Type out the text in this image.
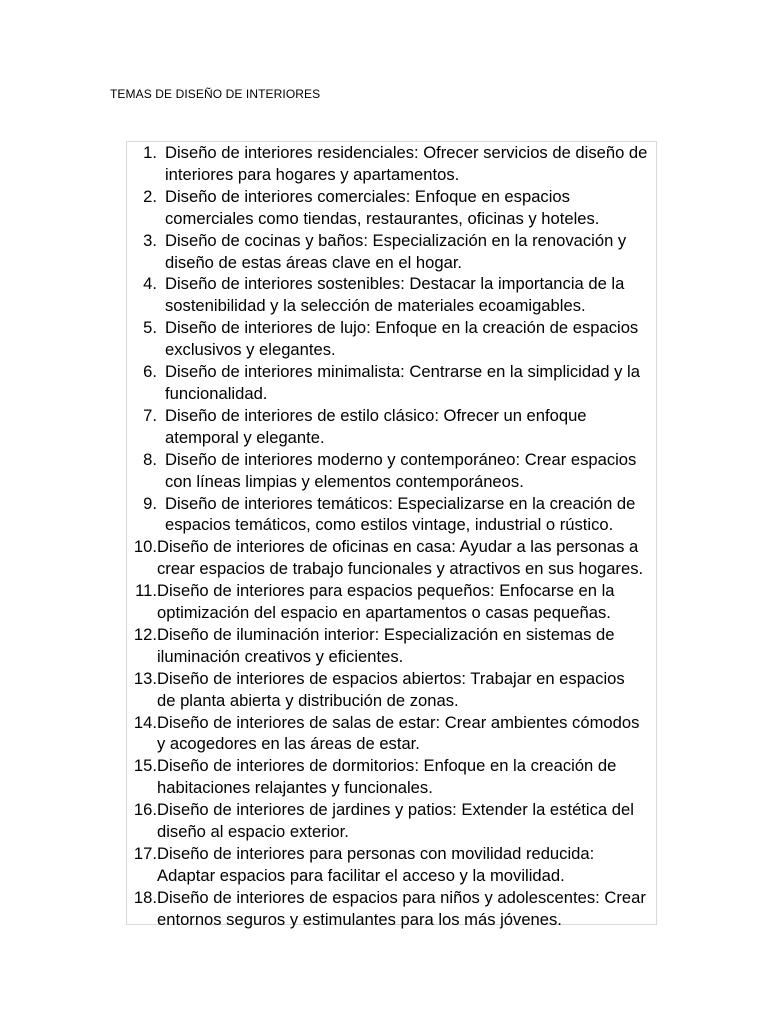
TEMAS DE DISEÑO DE INTERIORES
1. Diseño de interiores residenciales: Ofrecer servicios de diseño de
interiores para hogares y apartamentos.
2. Diseño de interiores comerciales: Enfoque en espacios
comerciales como tiendas, restaurantes, oficinas y hoteles.
3. Diseño de cocinas y baños: Especialización en la renovación y
diseño de estas áreas clave en el hogar.
4. Diseño de interiores sostenibles: Destacar la importancia de la
sostenibilidad y la selección de materiales ecoamigables.
5. Diseño de interiores de lujo: Enfoque en la creación de espacios
exclusivos y elegantes.
6. Diseño de interiores minimalista: Centrarse en la simplicidad y la
funcionalidad.
7. Diseño de interiores de estilo clásico: Ofrecer un enfoque
atemporal y elegante.
8. Diseño de interiores moderno y contemporáneo: Crear espacios
con líneas limpias y elementos contemporáneos.
9. Diseño de interiores temáticos: Especializarse en la creación de
espacios temáticos, como estilos vintage, industrial o rústico.
10. Diseño de interiores de oficinas en casa: Ayudar a las personas a
crear espacios de trabajo funcionales y atractivos en sus hogares.
11. Diseño de interiores para espacios pequeños: Enfocarse en la
optimización del espacio en apartamentos o casas pequeñas.
12. Diseño de iluminación interior: Especialización en sistemas de
iluminación creativos y eficientes.
13. Diseño de interiores de espacios abiertos: Trabajar en espacios
de planta abierta y distribución de zonas.
14. Diseño de interiores de salas de estar: Crear ambientes cómodos
y acogedores en las áreas de estar.
15. Diseño de interiores de dormitorios: Enfoque en la creación de
habitaciones relajantes y funcionales.
16. Diseño de interiores de jardines y patios: Extender la estética del
diseño al espacio exterior.
17. Diseño de interiores para personas con movilidad reducida:
Adaptar espacios para facilitar el acceso y la movilidad.
18. Diseño de interiores de espacios para niños y adolescentes: Crear
entornos seguros y estimulantes para los más jóvenes.
